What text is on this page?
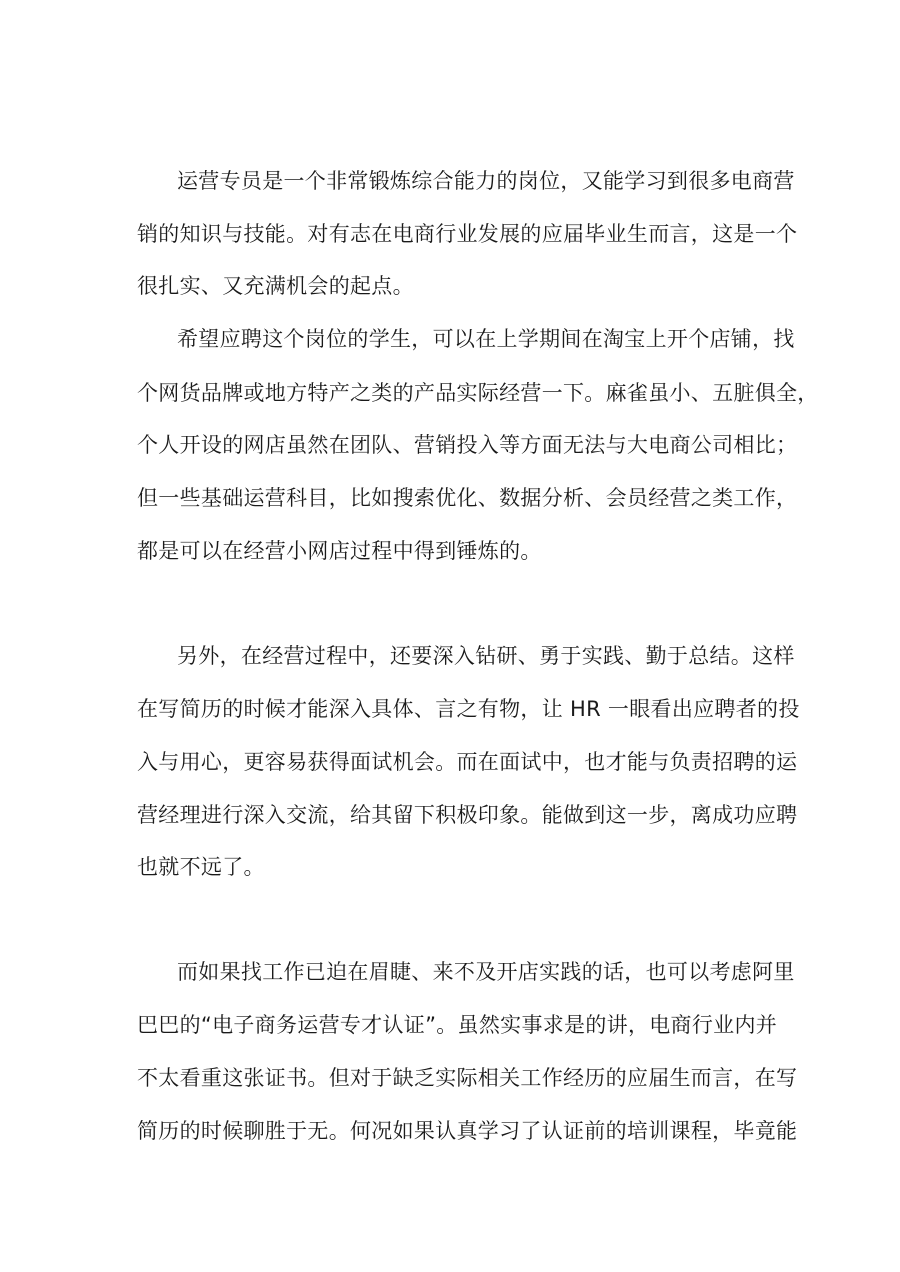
运营专员是一个非常锻炼综合能力的岗位，又能学习到很多电商营

销的知识与技能。对有志在电商行业发展的应届毕业生而言，这是一个

很扎实、又充满机会的起点。

希望应聘这个岗位的学生，可以在上学期间在淘宝上开个店铺，找

个网货品牌或地方特产之类的产品实际经营一下。麻雀虽小、五脏俱全，

个人开设的网店虽然在团队、营销投入等方面无法与大电商公司相比；

但一些基础运营科目，比如搜索优化、数据分析、会员经营之类工作，

都是可以在经营小网店过程中得到锤炼的。

另外，在经营过程中，还要深入钻研、勇于实践、勤于总结。这样

在写简历的时候才能深入具体、言之有物，让 HR 一眼看出应聘者的投

入与用心，更容易获得面试机会。而在面试中，也才能与负责招聘的运

营经理进行深入交流，给其留下积极印象。能做到这一步，离成功应聘

也就不远了。

而如果找工作已迫在眉睫、来不及开店实践的话，也可以考虑阿里

巴巴的“电子商务运营专才认证”。虽然实事求是的讲，电商行业内并

不太看重这张证书。但对于缺乏实际相关工作经历的应届生而言，在写

简历的时候聊胜于无。何况如果认真学习了认证前的培训课程，毕竟能
